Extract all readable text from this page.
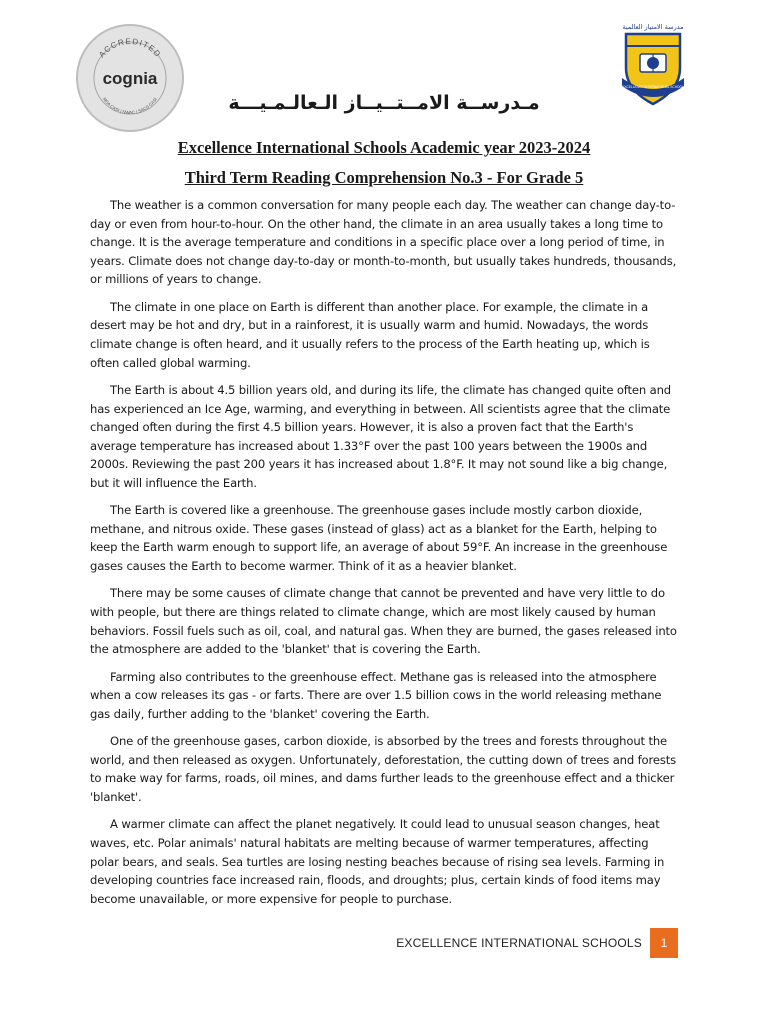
ACCREDITED
MSA CASI | NWAC | SACS CASI
cognia
مدرسة الامتياز العالمية
EXCELLENCE INTERNATIONAL SCHOOL
مـدرســة الامــتــيــاز الـعالـمـيـــة
Excellence International Schools Academic year 2023-2024
Third Term Reading Comprehension No.3 - For Grade 5

The weather is a common conversation for many people each day. The weather can change day-to-day or even from hour-to-hour. On the other hand, the climate in an area usually takes a long time to change. It is the average temperature and conditions in a specific place over a long period of time, in years. Climate does not change day-to-day or month-to-month, but usually takes hundreds, thousands, or millions of years to change.

The climate in one place on Earth is different than another place. For example, the climate in a desert may be hot and dry, but in a rainforest, it is usually warm and humid. Nowadays, the words climate change is often heard, and it usually refers to the process of the Earth heating up, which is often called global warming.

The Earth is about 4.5 billion years old, and during its life, the climate has changed quite often and has experienced an Ice Age, warming, and everything in between. All scientists agree that the climate changed often during the first 4.5 billion years. However, it is also a proven fact that the Earth's average temperature has increased about 1.33°F over the past 100 years between the 1900s and 2000s. Reviewing the past 200 years it has increased about 1.8°F. It may not sound like a big change, but it will influence the Earth.

The Earth is covered like a greenhouse. The greenhouse gases include mostly carbon dioxide, methane, and nitrous oxide. These gases (instead of glass) act as a blanket for the Earth, helping to keep the Earth warm enough to support life, an average of about 59°F. An increase in the greenhouse gases causes the Earth to become warmer. Think of it as a heavier blanket.

There may be some causes of climate change that cannot be prevented and have very little to do with people, but there are things related to climate change, which are most likely caused by human behaviors. Fossil fuels such as oil, coal, and natural gas. When they are burned, the gases released into the atmosphere are added to the 'blanket' that is covering the Earth.

Farming also contributes to the greenhouse effect. Methane gas is released into the atmosphere when a cow releases its gas - or farts. There are over 1.5 billion cows in the world releasing methane gas daily, further adding to the 'blanket' covering the Earth.

One of the greenhouse gases, carbon dioxide, is absorbed by the trees and forests throughout the world, and then released as oxygen. Unfortunately, deforestation, the cutting down of trees and forests to make way for farms, roads, oil mines, and dams further leads to the greenhouse effect and a thicker 'blanket'.

A warmer climate can affect the planet negatively. It could lead to unusual season changes, heat waves, etc. Polar animals' natural habitats are melting because of warmer temperatures, affecting polar bears, and seals. Sea turtles are losing nesting beaches because of rising sea levels. Farming in developing countries face increased rain, floods, and droughts; plus, certain kinds of food items may become unavailable, or more expensive for people to purchase.

EXCELLENCE INTERNATIONAL SCHOOLS	1
